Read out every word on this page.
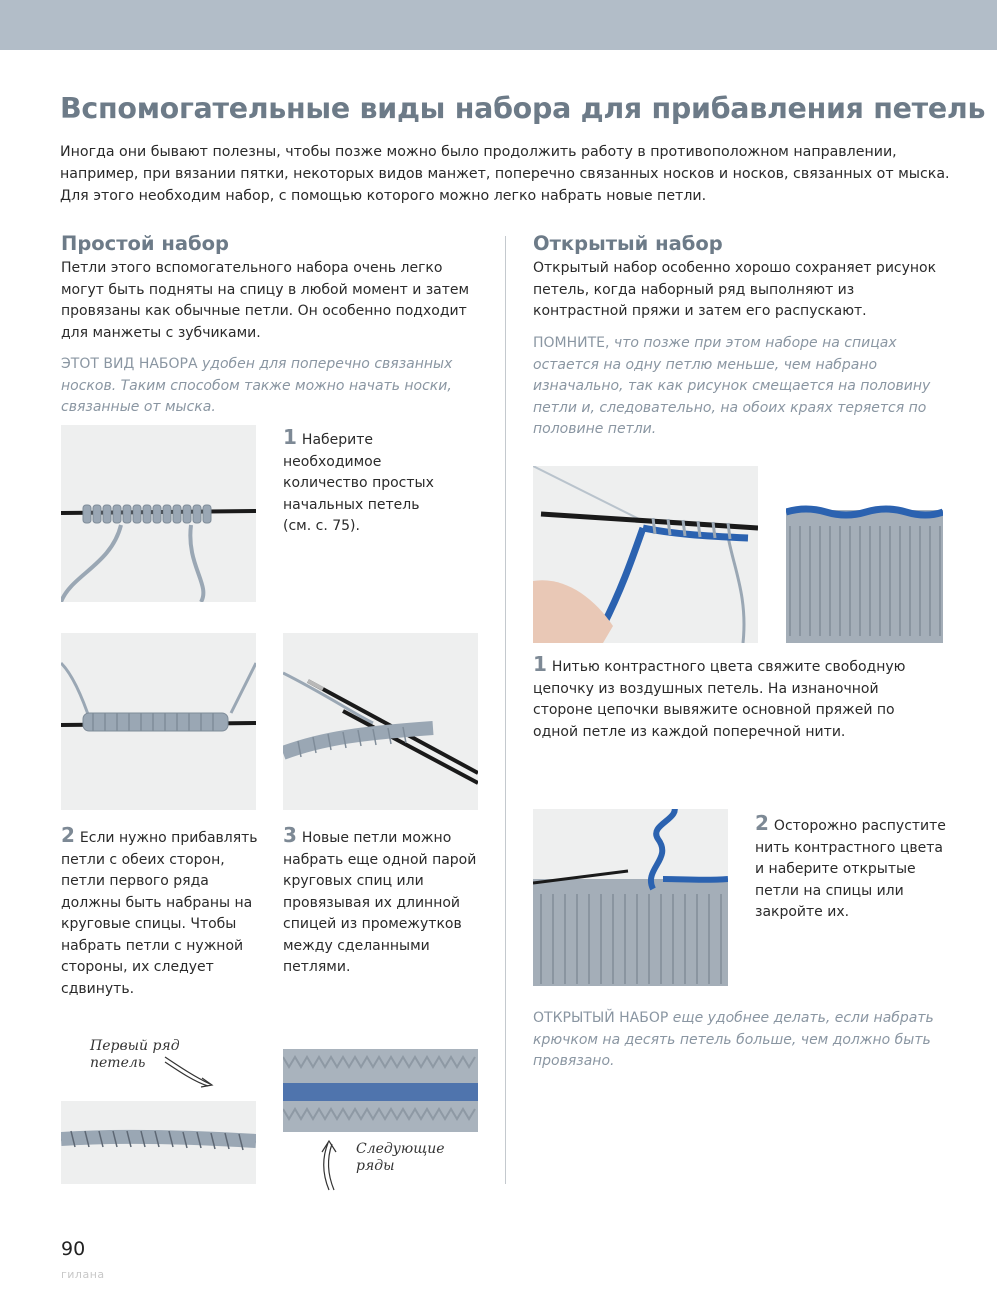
Вспомогательные виды набора для прибавления петель
Иногда они бывают полезны, чтобы позже можно было продолжить работу в противоположном направлении, например, при вязании пятки, некоторых видов манжет, поперечно связанных носков и носков, связанных от мыска. Для этого необходим набор, с помощью которого можно легко набрать новые петли.
Простой набор
Петли этого вспомогательного набора очень легко могут быть подняты на спицу в любой момент и затем провязаны как обычные петли. Он особенно подходит для манжеты с зубчиками.
ЭТОТ ВИД НАБОРА удобен для поперечно связанных носков. Таким способом также можно начать носки, связанные от мыска.
1 Наберите необходимое количество простых начальных петель (см. с. 75).
2 Если нужно прибавлять петли с обеих сторон, петли первого ряда должны быть набраны на круговые спицы. Чтобы набрать петли с нужной стороны, их следует сдвинуть.
3 Новые петли можно набрать еще одной парой круговых спиц или провязывая их длинной спицей из промежутков между сделанными петлями.
Первый ряд
петель
Следующие
ряды
Открытый набор
Открытый набор особенно хорошо сохраняет рисунок петель, когда наборный ряд выполняют из контрастной пряжи и затем его распускают.
ПОМНИТЕ, что позже при этом наборе на спицах остается на одну петлю меньше, чем набрано изначально, так как рисунок смещается на половину петли и, следовательно, на обоих краях теряется по половине петли.
1 Нитью контрастного цвета свяжите свободную цепочку из воздушных петель. На изнаночной стороне цепочки вывяжите основной пряжей по одной петле из каждой поперечной нити.
2 Осторожно распустите нить контрастного цвета и наберите открытые петли на спицы или закройте их.
ОТКРЫТЫЙ НАБОР еще удобнее делать, если набрать крючком на десять петель больше, чем должно быть провязано.
90
гилана
